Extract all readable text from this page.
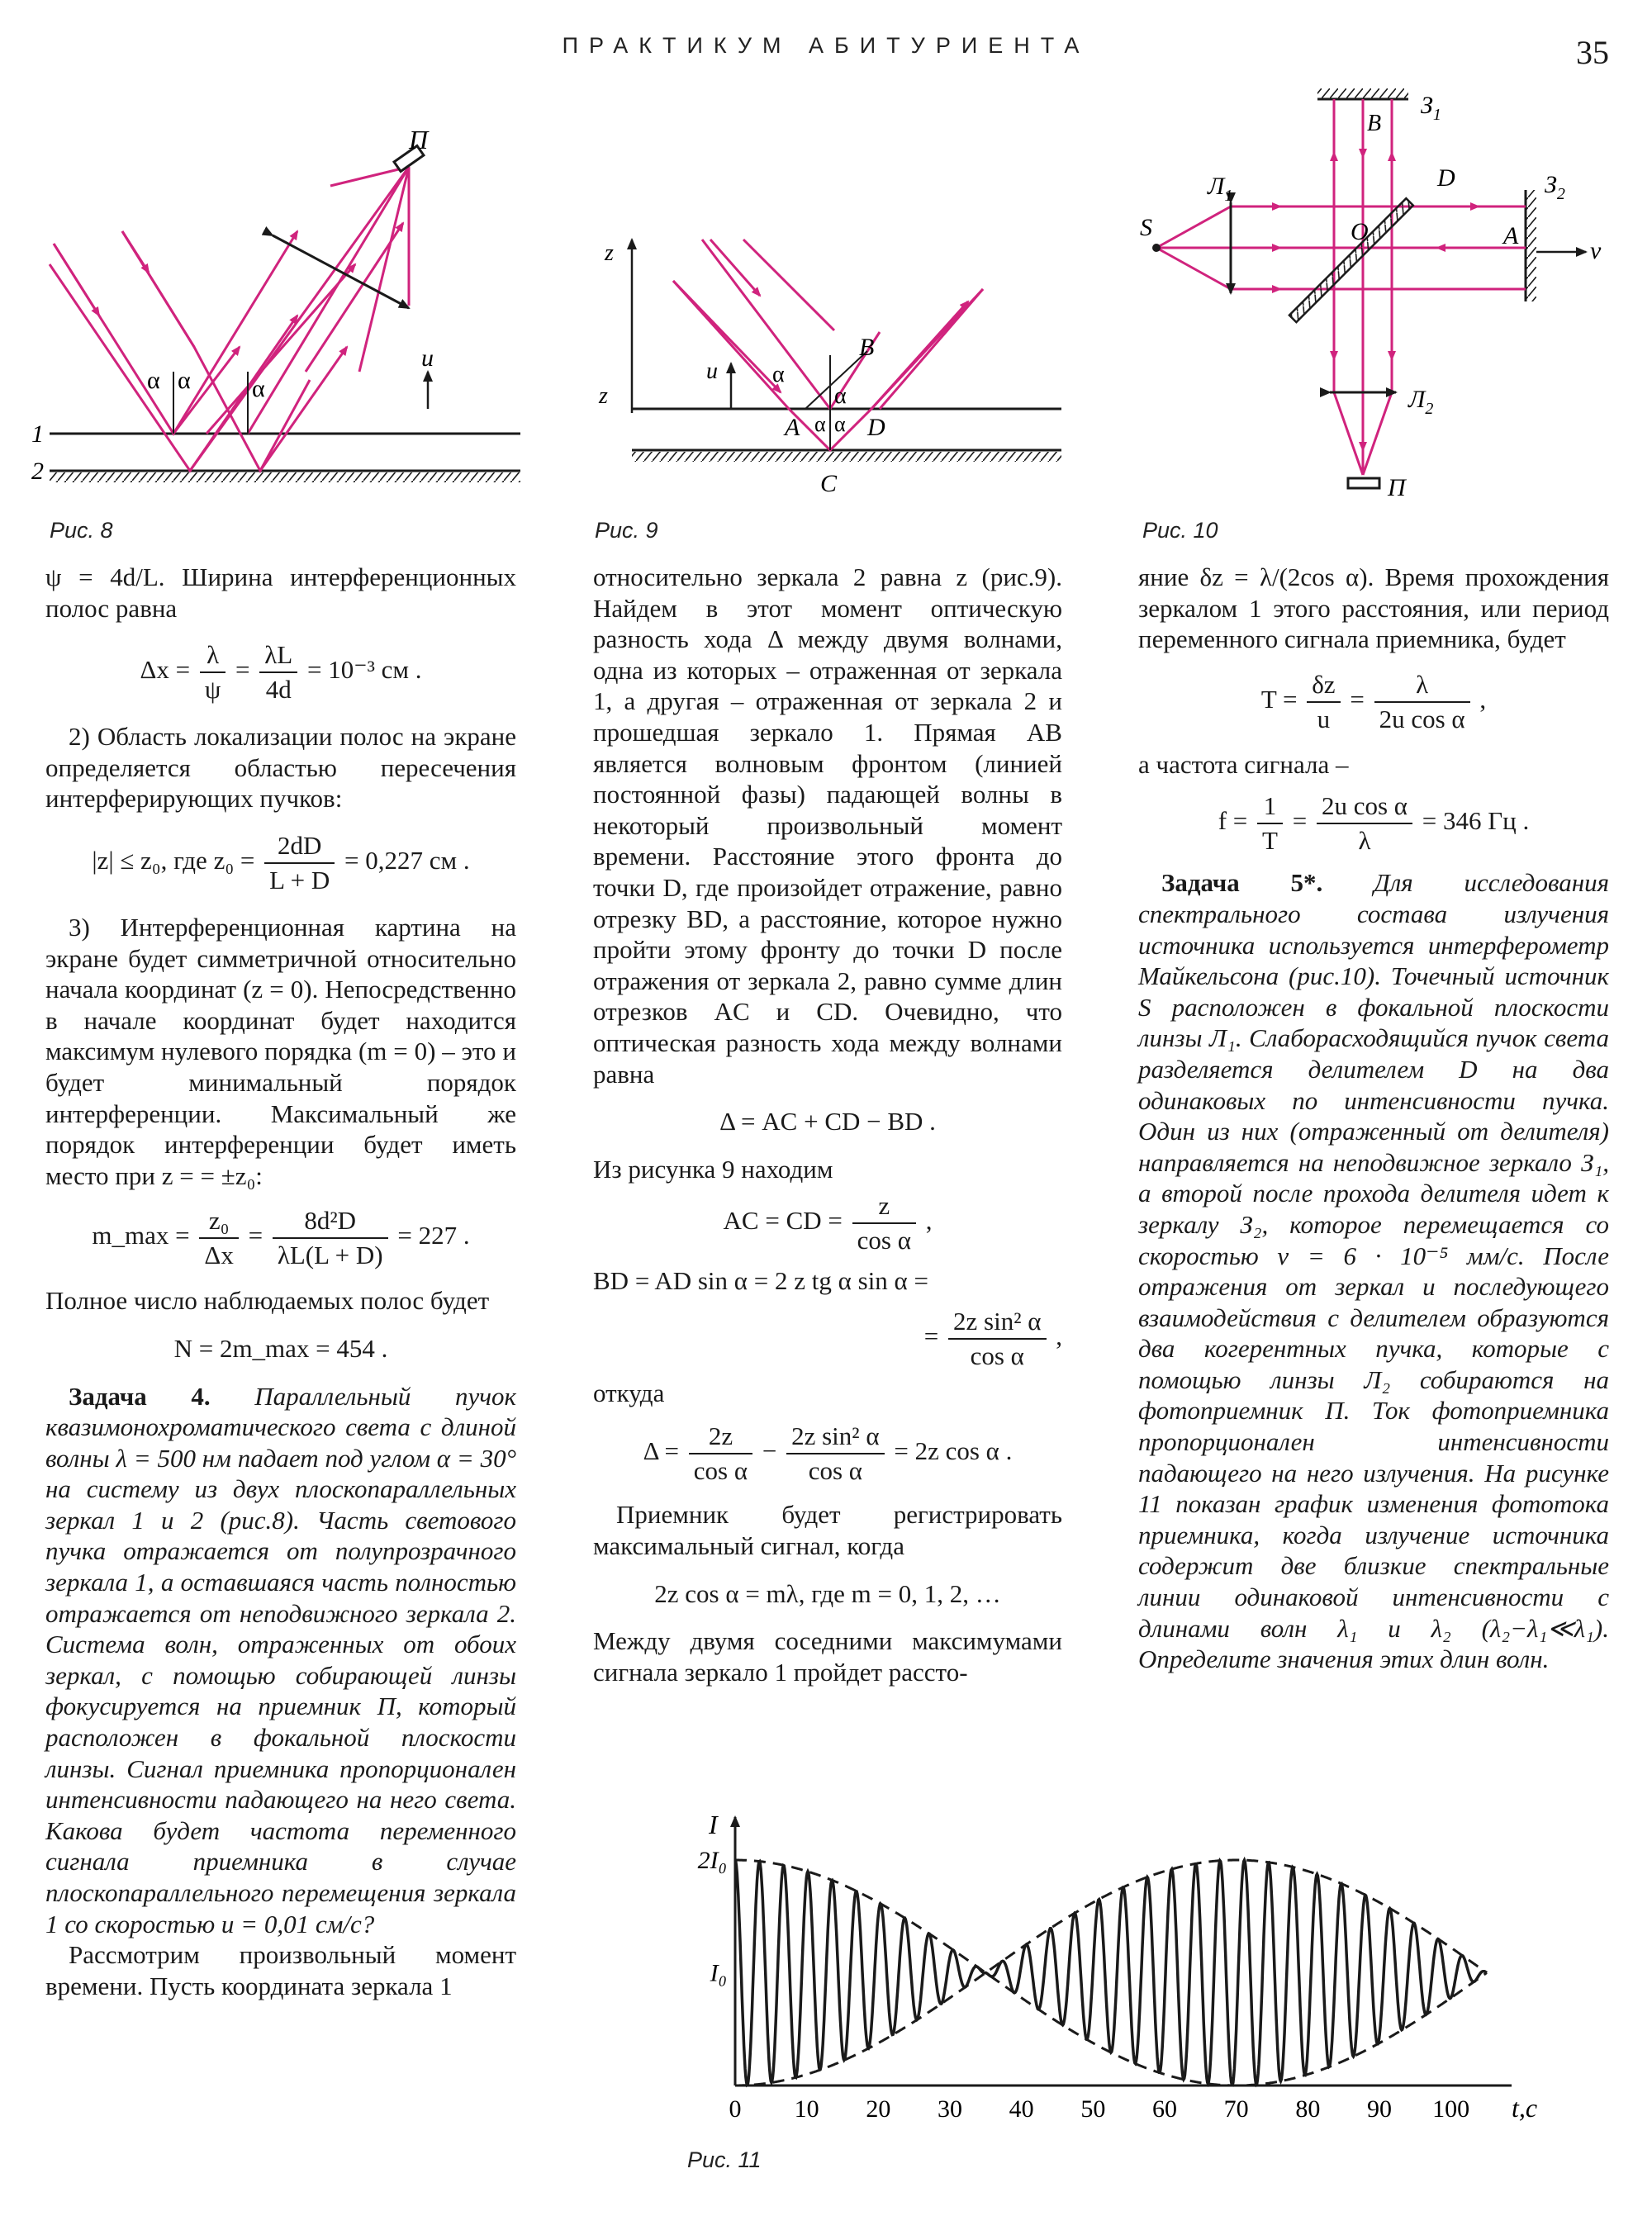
ПРАКТИКУМ АБИТУРИЕНТА	35
1
2
П
α α α
u
Рис. 8
z
z
u α
α
α α
B
A	D
C
Рис. 9
$З_1$
$З_2$
v
A
O
D
B
$Л_1$
$Л_2$
S
П
Рис. 10

ψ = 4d/L. Ширина интерференционных полос равна

$\Delta x = \frac{\lambda}{\psi} = \frac{\lambda L}{4d} = 10^{-3}$ см .

2) Область локализации полос на экране определяется областью пересечения интерферирующих пучков:

|z| ≤ z₀, где $z_0 = \frac{2dD}{L + D} = 0,227$ см .

3) Интерференционная картина на экране будет симметричной относительно начала координат (z = 0). Непосредственно в начале координат будет находится максимум нулевого порядка (m = 0) – это и будет минимальный порядок интерференции. Максимальный же порядок интерференции будет иметь место при z = = ±z₀:

m_max = $\frac{\text{z₀}}{\Delta x} = \frac{\text{8d²D}}{\lambda L(L + D)} = 227$ .

Полное число наблюдаемых полос будет

N = 2m_max = 454 .

Задача 4. Параллельный пучок квазимонохроматического света с длиной волны λ = 500 нм падает под углом α = 30° на систему из двух плоскопараллельных зеркал 1 и 2 (рис.8). Часть светового пучка отражается от полупрозрачного зеркала 1, а оставшаяся часть полностью отражается от неподвижного зеркала 2. Система волн, отраженных от обоих зеркал, с помощью собирающей линзы фокусируется на приемник П, который расположен в фокальной плоскости линзы. Сигнал приемника пропорционален интенсивности падающего на него света. Какова будет частота переменного сигнала приемника в случае плоскопараллельного перемещения зеркала 1 со скоростью u = 0,01 см/с?

Рассмотрим произвольный момент времени. Пусть координата зеркала 1

относительно зеркала 2 равна z (рис.9). Найдем в этот момент оптическую разность хода Δ между двумя волнами, одна из которых – отраженная от зеркала 1, а другая – отраженная от зеркала 2 и прошедшая зеркало 1. Прямая AB является волновым фронтом (линией постоянной фазы) падающей волны в некоторый произвольный момент времени. Расстояние этого фронта до точки D, где произойдет отражение, равно отрезку BD, а расстояние, которое нужно пройти этому фронту до точки D после отражения от зеркала 2, равно сумме длин отрезков AC и CD. Очевидно, что оптическая разность хода между волнами равна

Δ = AC + CD − BD .

Из рисунка 9 находим

AC = CD = $\frac{z}{\text{cos α}}$ ,
BD = AD sin α = 2 z tg α sin α =
= $\frac{\text{2z sin² α}}{\text{cos α}}$ ,

откуда

$\Delta = \frac{2z}{\text{cos α}} - \frac{\text{2z sin² α}}{\text{cos α}} = 2z$ cos α .

Приемник будет регистрировать максимальный сигнал, когда

2z cos α = mλ, где m = 0, 1, 2, …

Между двумя соседними максимумами сигнала зеркало 1 пройдет рассто-

яние δz = λ/(2cos α). Время прохождения зеркалом 1 этого расстояния, или период переменного сигнала приемника, будет

$T = \frac{\delta z}{u} = \frac{\lambda}{\text{2u cos α}}$ ,

а частота сигнала –

$f = \frac{1}{T} = \frac{\text{2u cos α}}{\lambda} = 346$ Гц .

Задача 5*. Для исследования спектрального состава излучения источника используется интерферометр Майкельсона (рис.10). Точечный источник S расположен в фокальной плоскости линзы Л₁. Слаборасходящийся пучок света разделяется делителем D на два одинаковых по интенсивности пучка. Один из них (отраженный от делителя) направляется на неподвижное зеркало З₁, а второй после прохода делителя идет к зеркалу З₂, которое перемещается со скоростью v = 6 · 10⁻⁵ мм/с. После отражения от зеркал и последующего взаимодействия с делителем образуются два когерентных пучка, которые с помощью линзы Л₂ собираются на фотоприемник П. Ток фотоприемника пропорционален интенсивности падающего на него излучения. На рисунке 11 показан график изменения фототока приемника, когда излучение источника содержит две близкие спектральные линии одинаковой интенсивности с длинами волн λ₁ и λ₂ (λ₂−λ₁≪λ₁). Определите значения этих длин волн.

I
t,с
0 10 20 30 40 50 60 70 80 90 100
2I₀
I₀
Рис. 11
